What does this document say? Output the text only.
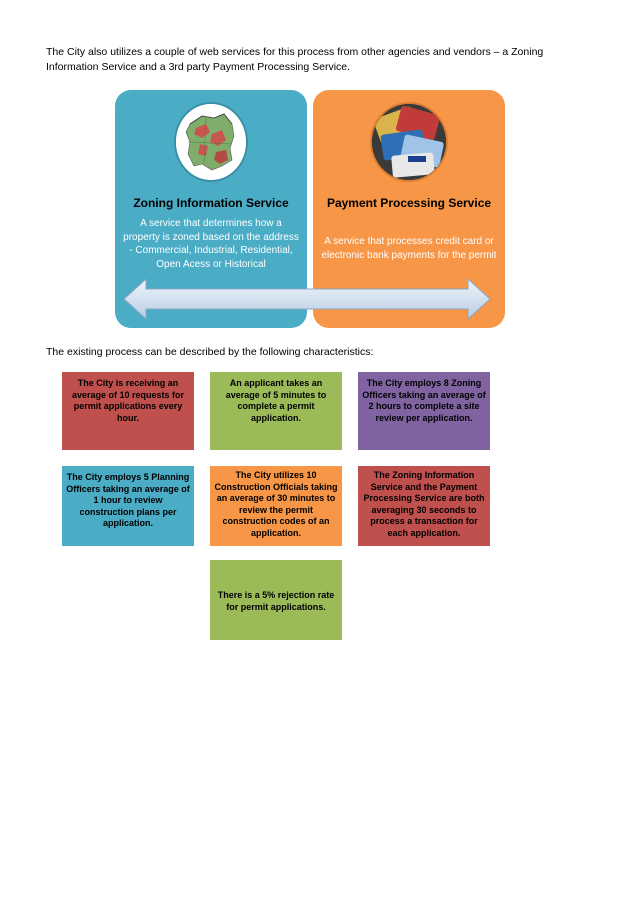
The City also utilizes a couple of web services for this process from other agencies and vendors – a Zoning Information Service and a 3rd party Payment Processing Service.

Zoning Information Service
A service that determines how a property is zoned based on the address - Commercial, Industrial, Residential, Open Acess or Historical
Payment Processing Service
A service that processes credit card or electronic bank payments for the permit

The existing process can be described by the following characteristics:

The City is receiving an average of 10 requests for permit applications every hour.
An applicant takes an average of 5 minutes to complete a permit application.
The City employs 8 Zoning Officers taking an average of 2 hours to complete a site review per application.
The City employs 5 Planning Officers taking an average of 1 hour to review construction plans per application.
The City utilizes 10 Construction Officials taking an average of 30 minutes to review the permit construction codes of an application.
The Zoning Information Service and the Payment Processing Service are both averaging 30 seconds to process a transaction for each application.
There is a 5% rejection rate for permit applications.
